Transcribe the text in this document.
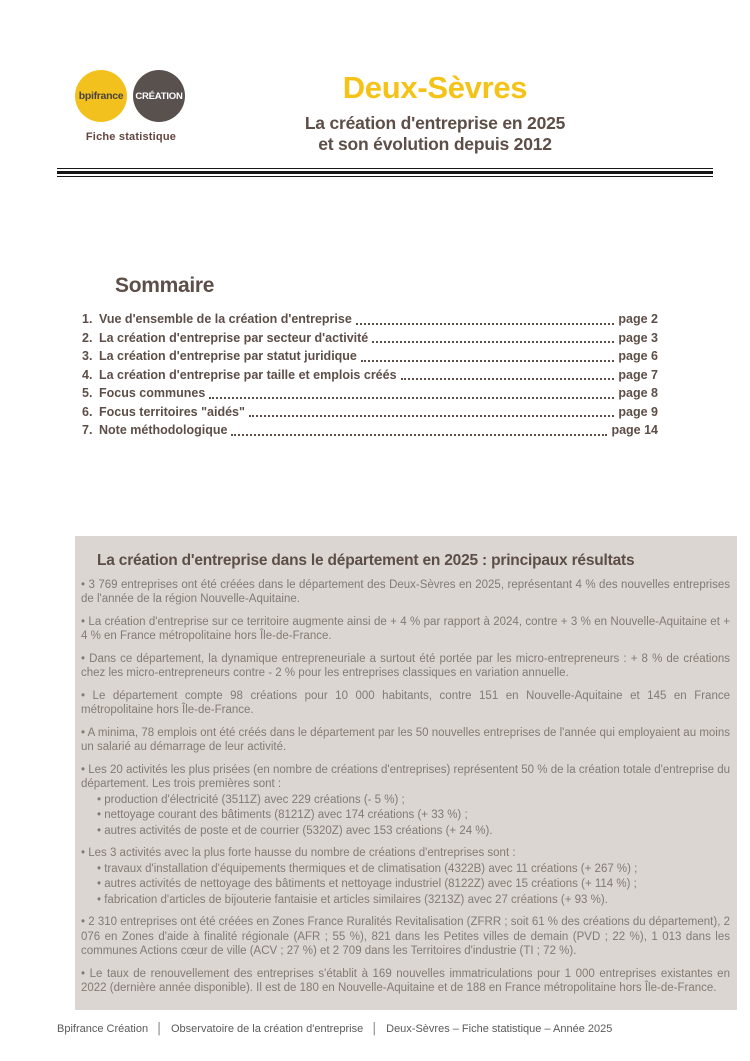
bpifrance CRÉATION
Fiche statistique
Deux-Sèvres
La création d'entreprise en 2025
et son évolution depuis 2012
Sommaire
1. Vue d'ensemble de la création d'entreprise	page 2
2. La création d'entreprise par secteur d'activité	page 3
3. La création d'entreprise par statut juridique	page 6
4. La création d'entreprise par taille et emplois créés	page 7
5. Focus communes	page 8
6. Focus territoires "aidés"	page 9
7. Note méthodologique	page 14
La création d'entreprise dans le département en 2025 : principaux résultats
• 3 769 entreprises ont été créées dans le département des Deux-Sèvres en 2025, représentant 4 % des nouvelles entreprises de l'année de la région Nouvelle-Aquitaine.
• La création d'entreprise sur ce territoire augmente ainsi de + 4 % par rapport à 2024, contre + 3 % en Nouvelle-Aquitaine et + 4 % en France métropolitaine hors Île-de-France.
• Dans ce département, la dynamique entrepreneuriale a surtout été portée par les micro-entrepreneurs : + 8 % de créations chez les micro-entrepreneurs contre - 2 % pour les entreprises classiques en variation annuelle.
• Le département compte 98 créations pour 10 000 habitants, contre 151 en Nouvelle-Aquitaine et 145 en France métropolitaine hors Île-de-France.
• A minima, 78 emplois ont été créés dans le département par les 50 nouvelles entreprises de l'année qui employaient au moins un salarié au démarrage de leur activité.
• Les 20 activités les plus prisées (en nombre de créations d'entreprises) représentent 50 % de la création totale d'entreprise du département. Les trois premières sont :
• production d'électricité (3511Z) avec 229 créations (- 5 %) ;
• nettoyage courant des bâtiments (8121Z) avec 174 créations (+ 33 %) ;
• autres activités de poste et de courrier (5320Z) avec 153 créations (+ 24 %).
• Les 3 activités avec la plus forte hausse du nombre de créations d'entreprises sont :
• travaux d'installation d'équipements thermiques et de climatisation (4322B) avec 11 créations (+ 267 %) ;
• autres activités de nettoyage des bâtiments et nettoyage industriel (8122Z) avec 15 créations (+ 114 %) ;
• fabrication d'articles de bijouterie fantaisie et articles similaires (3213Z) avec 27 créations (+ 93 %).
• 2 310 entreprises ont été créées en Zones France Ruralités Revitalisation (ZFRR ; soit 61 % des créations du département), 2 076 en Zones d'aide à finalité régionale (AFR ; 55 %), 821 dans les Petites villes de demain (PVD ; 22 %), 1 013 dans les communes Actions cœur de ville (ACV ; 27 %) et 2 709 dans les Territoires d'industrie (TI ; 72 %).
• Le taux de renouvellement des entreprises s'établit à 169 nouvelles immatriculations pour 1 000 entreprises existantes en 2022 (dernière année disponible). Il est de 180 en Nouvelle-Aquitaine et de 188 en France métropolitaine hors Île-de-France.
Bpifrance Création │ Observatoire de la création d'entreprise │ Deux-Sèvres – Fiche statistique – Année 2025
